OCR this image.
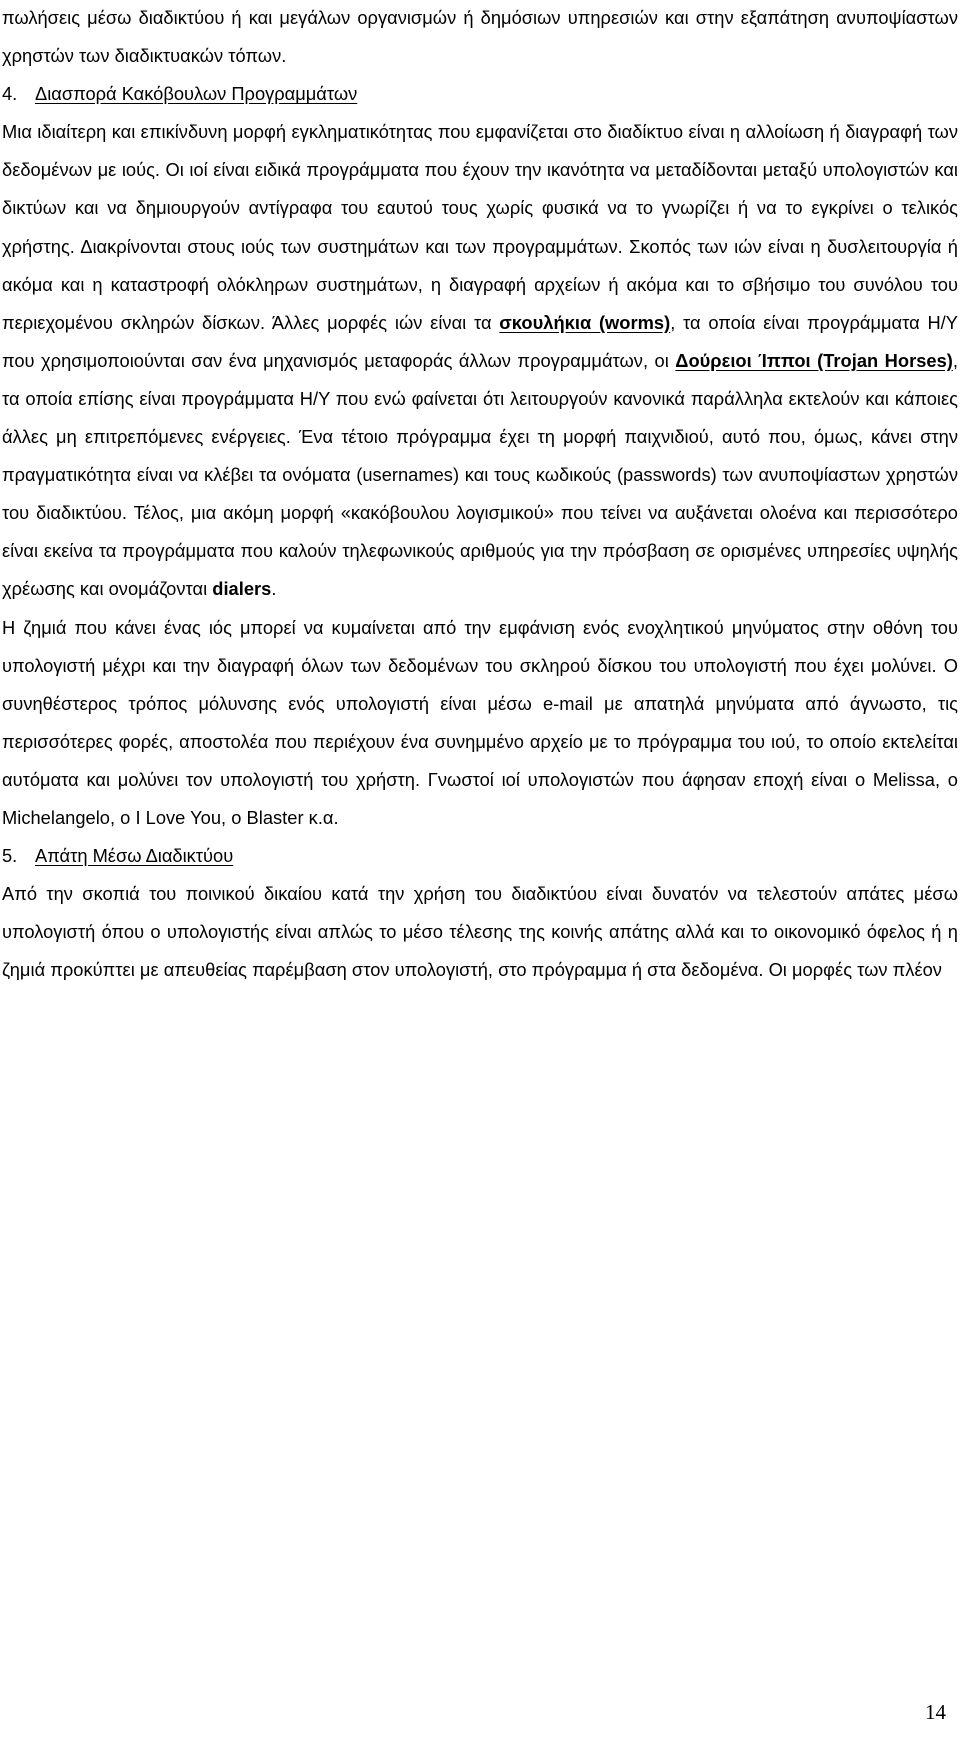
πωλήσεις μέσω διαδικτύου ή και μεγάλων οργανισμών ή δημόσιων υπηρεσιών και στην εξαπάτηση ανυποψίαστων χρηστών των διαδικτυακών τόπων.

4. Διασπορά Κακόβουλων Προγραμμάτων

Μια ιδιαίτερη και επικίνδυνη μορφή εγκληματικότητας που εμφανίζεται στο διαδίκτυο είναι η αλλοίωση ή διαγραφή των δεδομένων με ιούς. Οι ιοί είναι ειδικά προγράμματα που έχουν την ικανότητα να μεταδίδονται μεταξύ υπολογιστών και δικτύων και να δημιουργούν αντίγραφα του εαυτού τους χωρίς φυσικά να το γνωρίζει ή να το εγκρίνει ο τελικός χρήστης. Διακρίνονται στους ιούς των συστημάτων και των προγραμμάτων. Σκοπός των ιών είναι η δυσλειτουργία ή ακόμα και η καταστροφή ολόκληρων συστημάτων, η διαγραφή αρχείων ή ακόμα και το σβήσιμο του συνόλου του περιεχομένου σκληρών δίσκων. Άλλες μορφές ιών είναι τα σκουλήκια (worms), τα οποία είναι προγράμματα Η/Υ που χρησιμοποιούνται σαν ένα μηχανισμός μεταφοράς άλλων προγραμμάτων, οι Δούρειοι Ίπποι (Trojan Horses), τα οποία επίσης είναι προγράμματα Η/Υ που ενώ φαίνεται ότι λειτουργούν κανονικά παράλληλα εκτελούν και κάποιες άλλες μη επιτρεπόμενες ενέργειες. Ένα τέτοιο πρόγραμμα έχει τη μορφή παιχνιδιού, αυτό που, όμως, κάνει στην πραγματικότητα είναι να κλέβει τα ονόματα (usernames) και τους κωδικούς (passwords) των ανυποψίαστων χρηστών του διαδικτύου. Τέλος, μια ακόμη μορφή «κακόβουλου λογισμικού» που τείνει να αυξάνεται ολοένα και περισσότερο είναι εκείνα τα προγράμματα που καλούν τηλεφωνικούς αριθμούς για την πρόσβαση σε ορισμένες υπηρεσίες υψηλής χρέωσης και ονομάζονται dialers.

Η ζημιά που κάνει ένας ιός μπορεί να κυμαίνεται από την εμφάνιση ενός ενοχλητικού μηνύματος στην οθόνη του υπολογιστή μέχρι και την διαγραφή όλων των δεδομένων του σκληρού δίσκου του υπολογιστή που έχει μολύνει. Ο συνηθέστερος τρόπος μόλυνσης ενός υπολογιστή είναι μέσω e-mail με απατηλά μηνύματα από άγνωστο, τις περισσότερες φορές, αποστολέα που περιέχουν ένα συνημμένο αρχείο με το πρόγραμμα του ιού, το οποίο εκτελείται αυτόματα και μολύνει τον υπολογιστή του χρήστη. Γνωστοί ιοί υπολογιστών που άφησαν εποχή είναι ο Melissa, ο Michelangelo, ο I Love You, ο Blaster κ.α.

5. Απάτη Μέσω Διαδικτύου

Από την σκοπιά του ποινικού δικαίου κατά την χρήση του διαδικτύου είναι δυνατόν να τελεστούν απάτες μέσω υπολογιστή όπου ο υπολογιστής είναι απλώς το μέσο τέλεσης της κοινής απάτης αλλά και το οικονομικό όφελος ή η ζημιά προκύπτει με απευθείας παρέμβαση στον υπολογιστή, στο πρόγραμμα ή στα δεδομένα. Οι μορφές των πλέον

14
